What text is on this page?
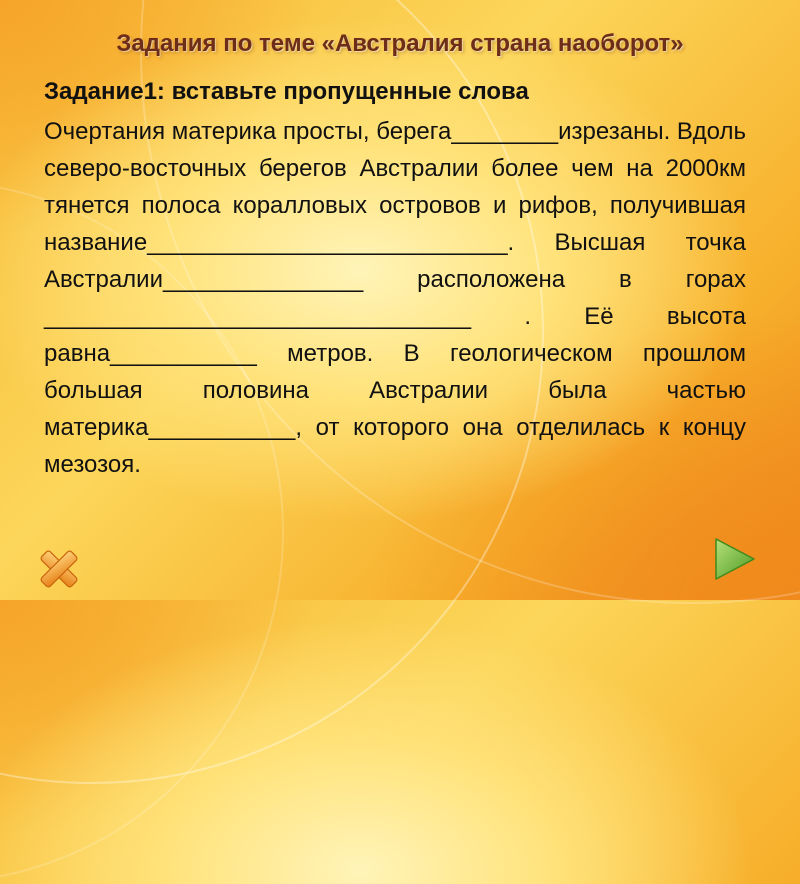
Задания по теме «Австралия страна наоборот»
Задание1: вставьте пропущенные слова

Очертания материка просты, берега________изрезаны. Вдоль северо-восточных берегов Австралии более чем на 2000км тянется полоса коралловых островов и рифов, получившая название___________________________. Высшая точка Австралии_______________ расположена в горах ________________________________ . Её высота равна___________ метров. В геологическом прошлом большая половина Австралии была частью материка___________, от которого она отделилась к концу мезозоя.
